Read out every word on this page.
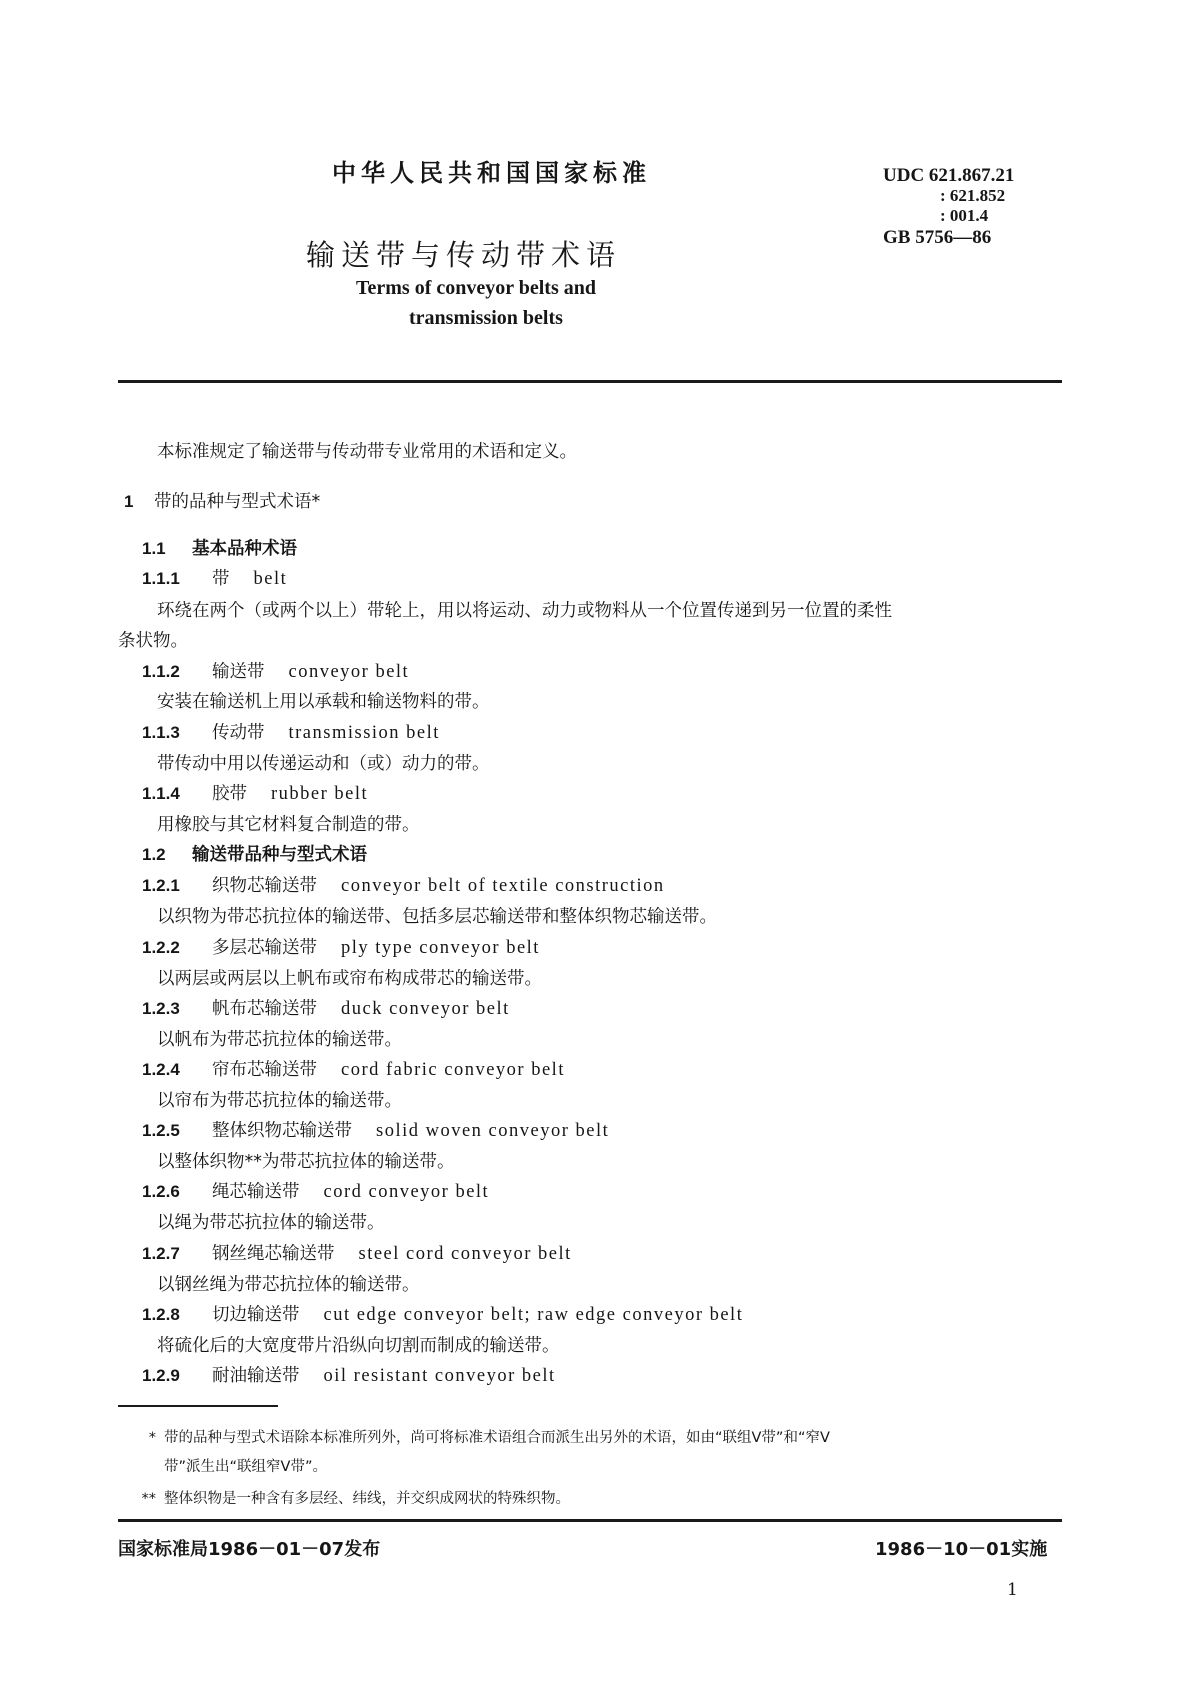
中华人民共和国国家标准
输送带与传动带术语
Terms of conveyor belts and
transmission belts
UDC 621.867.21
: 621.852
: 001.4
GB 5756—86
本标准规定了输送带与传动带专业常用的术语和定义。
1 带的品种与型式术语*
1.1 基本品种术语
1.1.1 带 belt
环绕在两个（或两个以上）带轮上，用以将运动、动力或物料从一个位置传递到另一位置的柔性
条状物。
1.1.2 输送带 conveyor belt
安装在输送机上用以承载和输送物料的带。
1.1.3 传动带 transmission belt
带传动中用以传递运动和（或）动力的带。
1.1.4 胶带 rubber belt
用橡胶与其它材料复合制造的带。
1.2 输送带品种与型式术语
1.2.1 织物芯输送带 conveyor belt of textile construction
以织物为带芯抗拉体的输送带、包括多层芯输送带和整体织物芯输送带。
1.2.2 多层芯输送带 ply type conveyor belt
以两层或两层以上帆布或帘布构成带芯的输送带。
1.2.3 帆布芯输送带 duck conveyor belt
以帆布为带芯抗拉体的输送带。
1.2.4 帘布芯输送带 cord fabric conveyor belt
以帘布为带芯抗拉体的输送带。
1.2.5 整体织物芯输送带 solid woven conveyor belt
以整体织物**为带芯抗拉体的输送带。
1.2.6 绳芯输送带 cord conveyor belt
以绳为带芯抗拉体的输送带。
1.2.7 钢丝绳芯输送带 steel cord conveyor belt
以钢丝绳为带芯抗拉体的输送带。
1.2.8 切边输送带 cut edge conveyor belt; raw edge conveyor belt
将硫化后的大宽度带片沿纵向切割而制成的输送带。
1.2.9 耐油输送带 oil resistant conveyor belt
* 带的品种与型式术语除本标准所列外，尚可将标准术语组合而派生出另外的术语，如由“联组V带”和“窄V
带”派生出“联组窄V带”。
** 整体织物是一种含有多层经、纬线，并交织成网状的特殊织物。
国家标准局1986－01－07发布	1986－10－01实施
1
